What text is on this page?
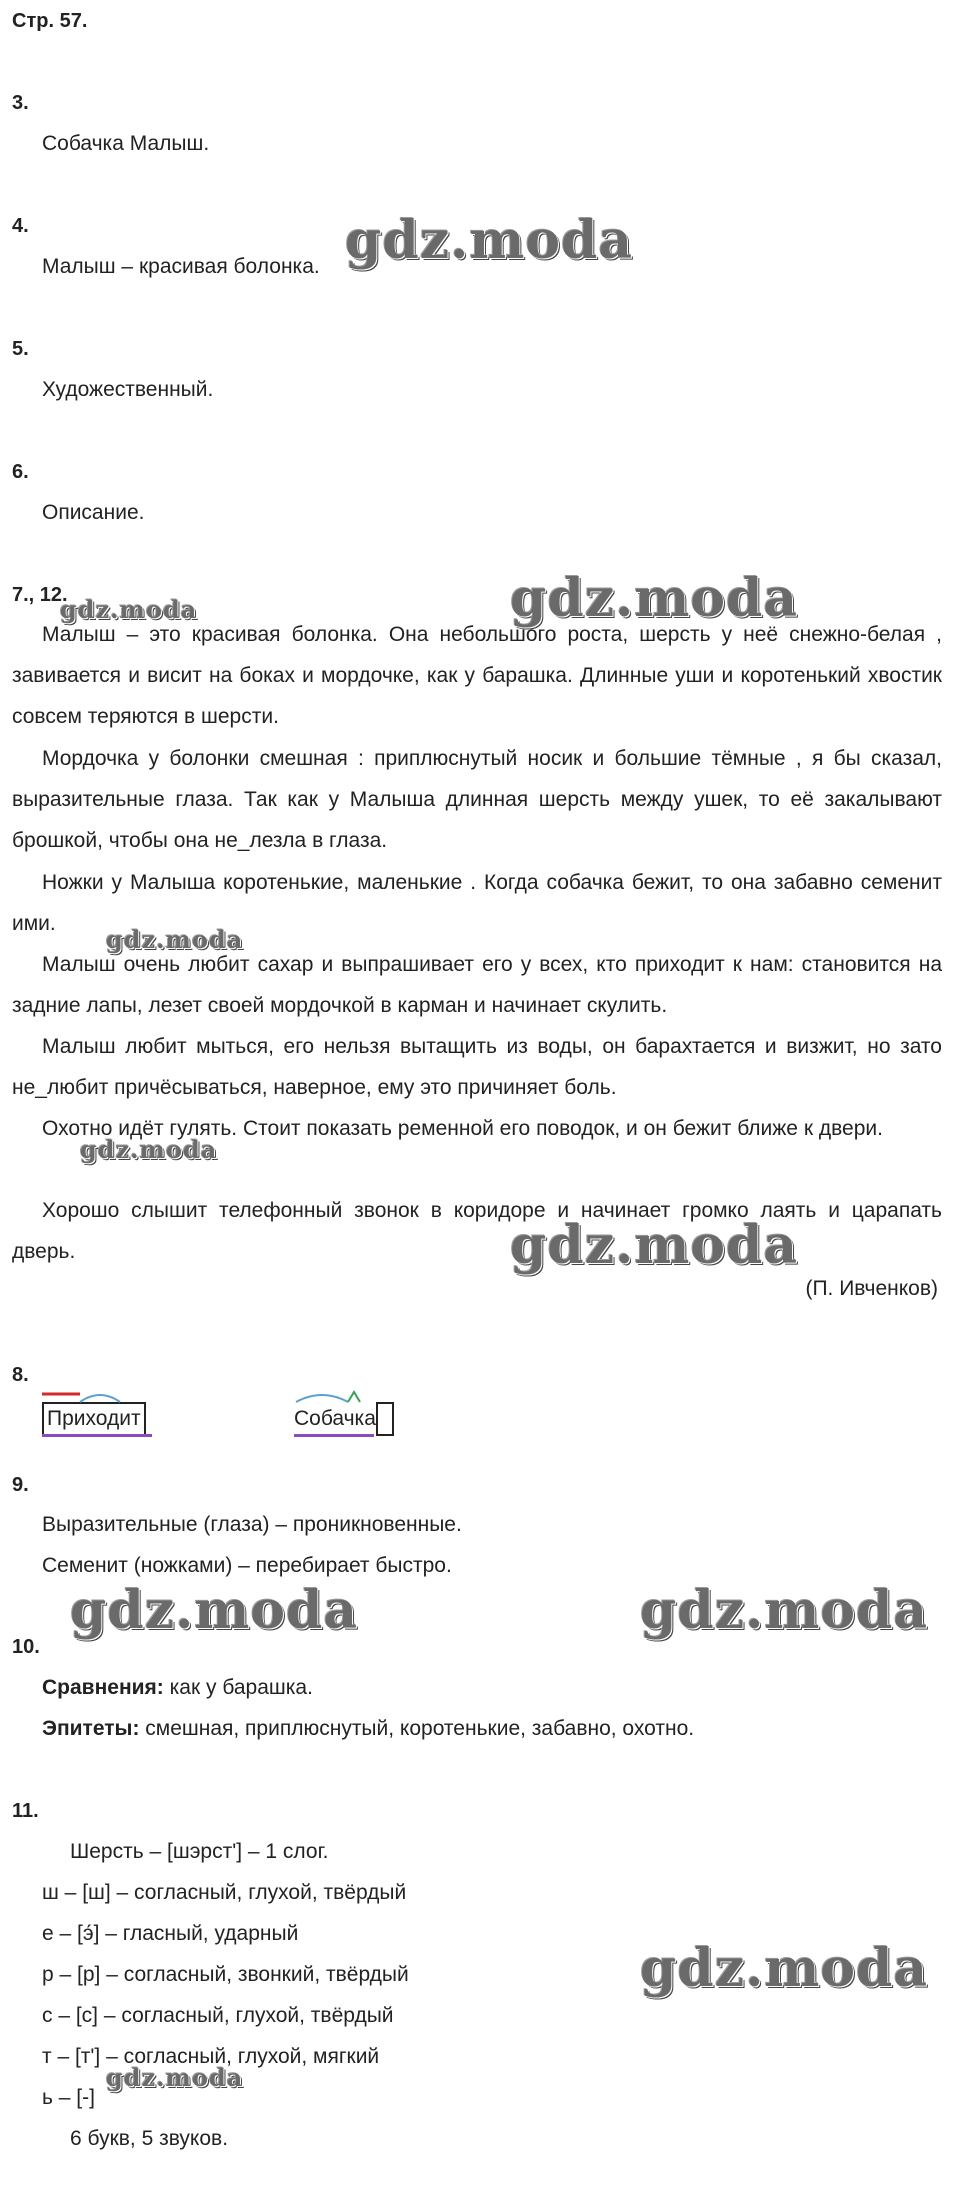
Стр. 57.
3.
Собачка Малыш.
4.
Малыш – красивая болонка.
5.
Художественный.
6.
Описание.
7., 12.
Малыш – это красивая болонка. Она небольшого роста, шерсть у неё снежно-белая , завивается и висит на боках и мордочке, как у барашка. Длинные уши и коротенький хвостик совсем теряются в шерсти.
Мордочка у болонки смешная : приплюснутый носик и большие тёмные , я бы сказал, выразительные глаза. Так как у Малыша длинная шерсть между ушек, то её закалывают брошкой, чтобы она не_лезла в глаза.
Ножки у Малыша коротенькие, маленькие . Когда собачка бежит, то она забавно семенит ими.
Малыш очень любит сахар и выпрашивает его у всех, кто приходит к нам: становится на задние лапы, лезет своей мордочкой в карман и начинает скулить.
Малыш любит мыться, его нельзя вытащить из воды, он барахтается и визжит, но зато не_любит причёсываться, наверное, ему это причиняет боль.
Охотно идёт гулять. Стоит показать ременной его поводок, и он бежит ближе к двери.
Хорошо слышит телефонный звонок в коридоре и начинает громко лаять и царапать дверь.
(П. Ивченков)
8.
Приходит	Собачка
9.
Выразительные (глаза) – проникновенные.
Семенит (ножками) – перебирает быстро.
10.
Сравнения: как у барашка.
Эпитеты: смешная, приплюснутый, коротенькие, забавно, охотно.
11.
Шерсть – [шэрст'] – 1 слог.
ш – [ш] – согласный, глухой, твёрдый
е – [э́] – гласный, ударный
р – [р] – согласный, звонкий, твёрдый
с – [с] – согласный, глухой, твёрдый
т – [т'] – согласный, глухой, мягкий
ь – [-]
6 букв, 5 звуков.
gdz.moda
gdz.moda
gdz.moda
gdz.moda
gdz.moda
gdz.moda
gdz.moda	gdz.moda
gdz.moda
gdz.moda
